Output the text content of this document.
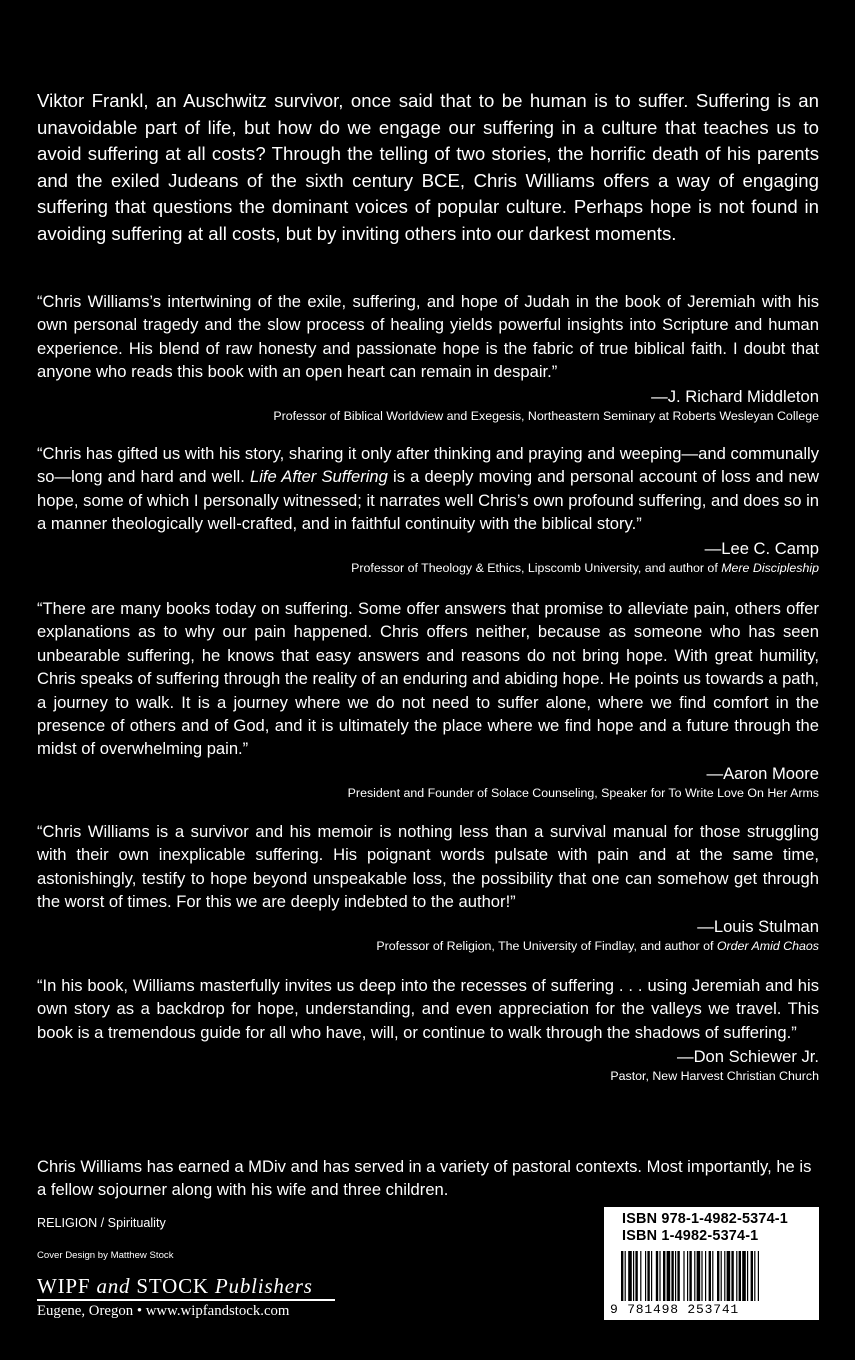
Viktor Frankl, an Auschwitz survivor, once said that to be human is to suffer. Suffering is an unavoidable part of life, but how do we engage our suffering in a culture that teaches us to avoid suffering at all costs? Through the telling of two stories, the horrific death of his parents and the exiled Judeans of the sixth century BCE, Chris Williams offers a way of engaging suffering that questions the dominant voices of popular culture. Perhaps hope is not found in avoiding suffering at all costs, but by inviting others into our darkest moments.

“Chris Williams’s intertwining of the exile, suffering, and hope of Judah in the book of Jeremiah with his own personal tragedy and the slow process of healing yields powerful insights into Scripture and human experience. His blend of raw honesty and passionate hope is the fabric of true biblical faith. I doubt that anyone who reads this book with an open heart can remain in despair.”

—J. Richard Middleton
Professor of Biblical Worldview and Exegesis, Northeastern Seminary at Roberts Wesleyan College

“Chris has gifted us with his story, sharing it only after thinking and praying and weeping—and communally so—long and hard and well. Life After Suffering is a deeply moving and personal account of loss and new hope, some of which I personally witnessed; it narrates well Chris’s own profound suffering, and does so in a manner theologically well-crafted, and in faithful continuity with the biblical story.”

—Lee C. Camp
Professor of Theology & Ethics, Lipscomb University, and author of Mere Discipleship

“There are many books today on suffering. Some offer answers that promise to alleviate pain, others offer explanations as to why our pain happened. Chris offers neither, because as someone who has seen unbearable suffering, he knows that easy answers and reasons do not bring hope. With great humility, Chris speaks of suffering through the reality of an enduring and abiding hope. He points us towards a path, a journey to walk. It is a journey where we do not need to suffer alone, where we find comfort in the presence of others and of God, and it is ultimately the place where we find hope and a future through the midst of overwhelming pain.”

—Aaron Moore
President and Founder of Solace Counseling, Speaker for To Write Love On Her Arms

“Chris Williams is a survivor and his memoir is nothing less than a survival manual for those struggling with their own inexplicable suffering. His poignant words pulsate with pain and at the same time, astonishingly, testify to hope beyond unspeakable loss, the possibility that one can somehow get through the worst of times. For this we are deeply indebted to the author!”

—Louis Stulman
Professor of Religion, The University of Findlay, and author of Order Amid Chaos

“In his book, Williams masterfully invites us deep into the recesses of suffering . . . using Jeremiah and his own story as a backdrop for hope, understanding, and even appreciation for the valleys we travel. This book is a tremendous guide for all who have, will, or continue to walk through the shadows of suffering.”

—Don Schiewer Jr.
Pastor, New Harvest Christian Church

Chris Williams has earned a MDiv and has served in a variety of pastoral contexts. Most importantly, he is a fellow sojourner along with his wife and three children.

RELIGION / Spirituality
Cover Design by Matthew Stock
WIPF and STOCK Publishers
Eugene, Oregon • www.wipfandstock.com
ISBN 978-1-4982-5374-1
ISBN 1-4982-5374-1
9 781498 253741
